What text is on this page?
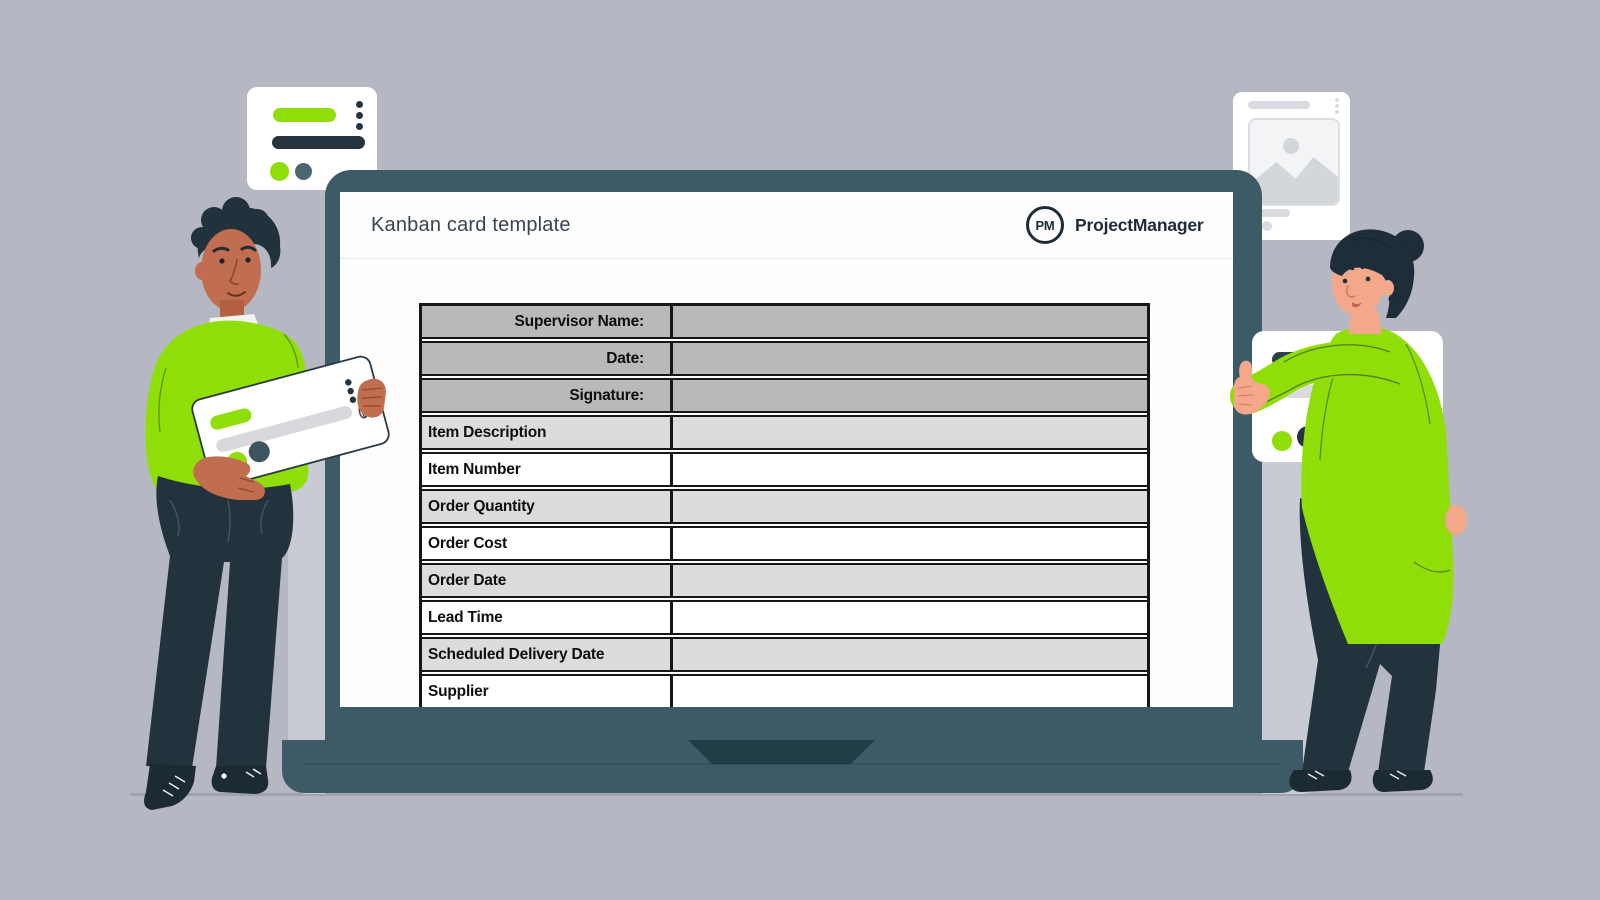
Kanban card template	PM	ProjectManager
Supervisor Name:
Date:
Signature:
Item Description
Item Number
Order Quantity
Order Cost
Order Date
Lead Time
Scheduled Delivery Date
Supplier
